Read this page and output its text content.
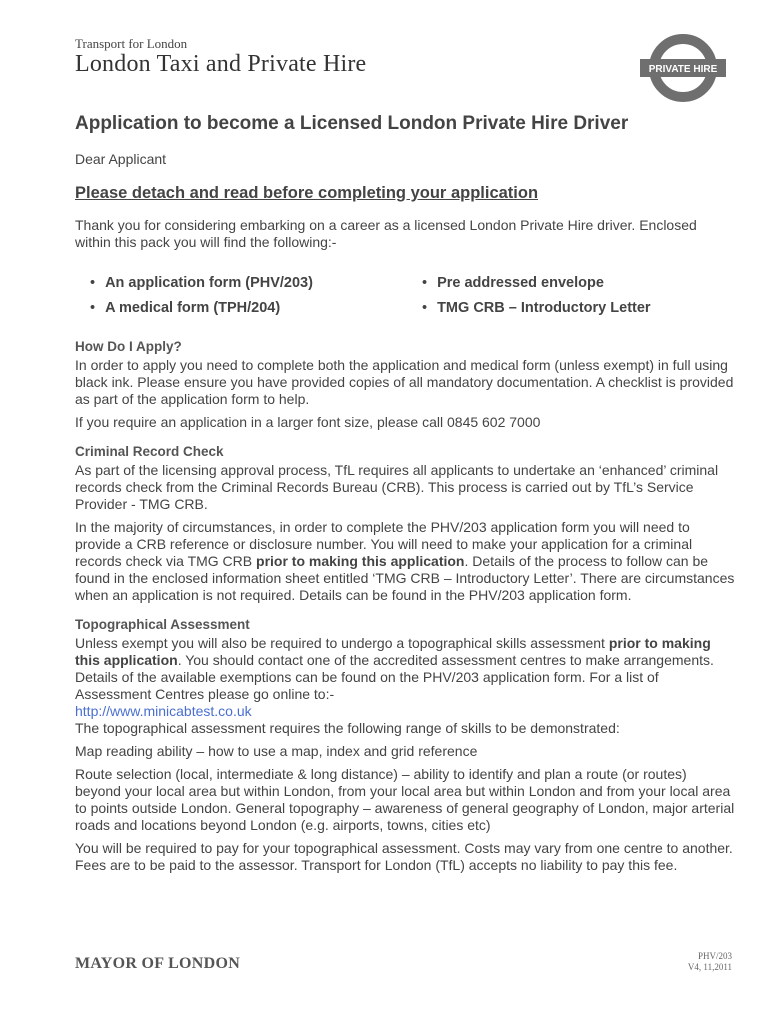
Transport for London
London Taxi and Private Hire	PRIVATE HIRE
Application to become a Licensed London Private Hire Driver
Dear Applicant
Please detach and read before completing your application
Thank you for considering embarking on a career as a licensed London Private Hire driver. Enclosed within this pack you will find the following:-
• An application form (PHV/203)	• Pre addressed envelope
• A medical form (TPH/204)	• TMG CRB – Introductory Letter
How Do I Apply?

In order to apply you need to complete both the application and medical form (unless exempt) in full using black ink. Please ensure you have provided copies of all mandatory documentation. A checklist is provided as part of the application form to help.

If you require an application in a larger font size, please call 0845 602 7000

Criminal Record Check

As part of the licensing approval process, TfL requires all applicants to undertake an ‘enhanced’ criminal records check from the Criminal Records Bureau (CRB). This process is carried out by TfL’s Service Provider - TMG CRB.

In the majority of circumstances, in order to complete the PHV/203 application form you will need to provide a CRB reference or disclosure number. You will need to make your application for a criminal records check via TMG CRB prior to making this application. Details of the process to follow can be found in the enclosed information sheet entitled ‘TMG CRB – Introductory Letter’. There are circumstances when an application is not required. Details can be found in the PHV/203 application form.

Topographical Assessment

Unless exempt you will also be required to undergo a topographical skills assessment prior to making this application. You should contact one of the accredited assessment centres to make arrangements. Details of the available exemptions can be found on the PHV/203 application form. For a list of Assessment Centres please go online to:-
http://www.minicabtest.co.uk

The topographical assessment requires the following range of skills to be demonstrated:

Map reading ability – how to use a map, index and grid reference

Route selection (local, intermediate & long distance) – ability to identify and plan a route (or routes) beyond your local area but within London, from your local area but within London and from your local area to points outside London. General topography – awareness of general geography of London, major arterial roads and locations beyond London (e.g. airports, towns, cities etc)

You will be required to pay for your topographical assessment. Costs may vary from one centre to another. Fees are to be paid to the assessor. Transport for London (TfL) accepts no liability to pay this fee.

MAYOR OF LONDON	PHV/203
V4, 11,2011
